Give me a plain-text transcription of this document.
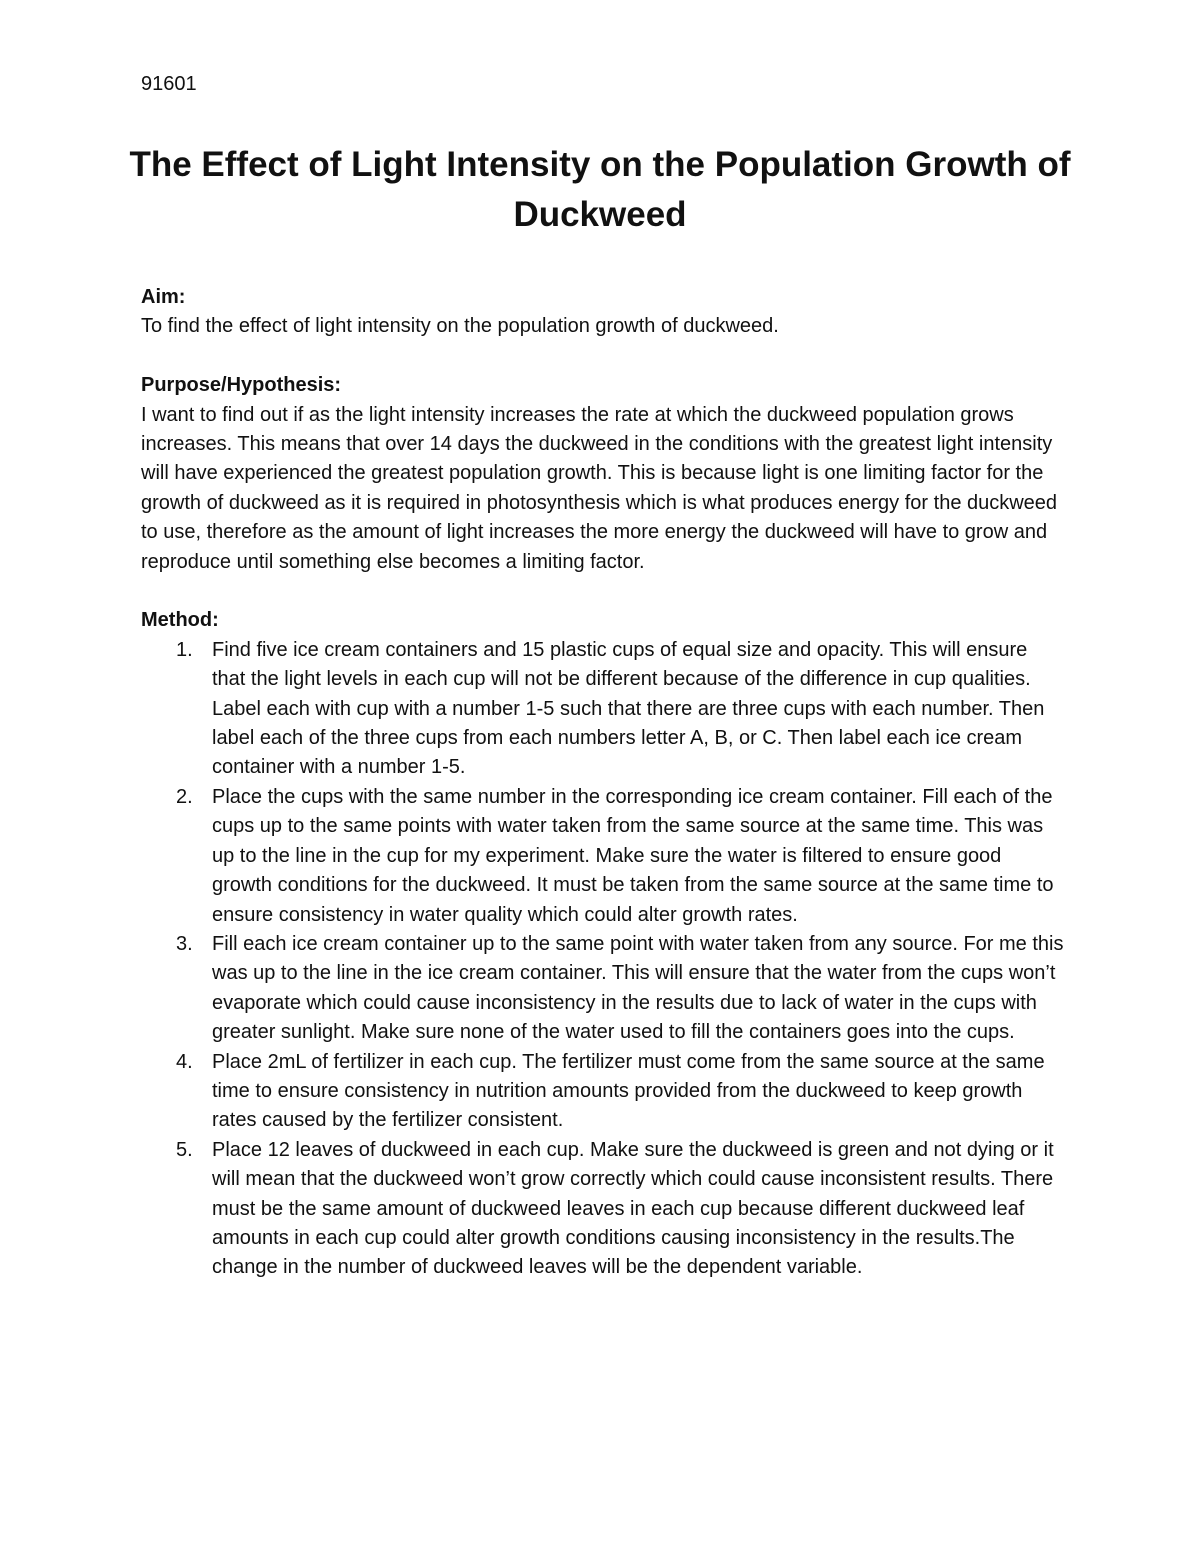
91601

The Effect of Light Intensity on the Population Growth of Duckweed
Aim:

To find the effect of light intensity on the population growth of duckweed.

Purpose/Hypothesis:

I want to find out if as the light intensity increases the rate at which the duckweed population grows increases. This means that over 14 days the duckweed in the conditions with the greatest light intensity will have experienced the greatest population growth. This is because light is one limiting factor for the growth of duckweed as it is required in photosynthesis which is what produces energy for the duckweed to use, therefore as the amount of light increases the more energy the duckweed will have to grow and reproduce until something else becomes a limiting factor.

Method:
1. Find five ice cream containers and 15 plastic cups of equal size and opacity. This will ensure that the light levels in each cup will not be different because of the difference in cup qualities. Label each with cup with a number 1-5 such that there are three cups with each number. Then label each of the three cups from each numbers letter A, B, or C. Then label each ice cream container with a number 1-5.
2. Place the cups with the same number in the corresponding ice cream container. Fill each of the cups up to the same points with water taken from the same source at the same time. This was up to the line in the cup for my experiment. Make sure the water is filtered to ensure good growth conditions for the duckweed. It must be taken from the same source at the same time to ensure consistency in water quality which could alter growth rates.
3. Fill each ice cream container up to the same point with water taken from any source. For me this was up to the line in the ice cream container. This will ensure that the water from the cups won’t evaporate which could cause inconsistency in the results due to lack of water in the cups with greater sunlight. Make sure none of the water used to fill the containers goes into the cups.
4. Place 2mL of fertilizer in each cup. The fertilizer must come from the same source at the same time to ensure consistency in nutrition amounts provided from the duckweed to keep growth rates caused by the fertilizer consistent.
5. Place 12 leaves of duckweed in each cup. Make sure the duckweed is green and not dying or it will mean that the duckweed won’t grow correctly which could cause inconsistent results. There must be the same amount of duckweed leaves in each cup because different duckweed leaf amounts in each cup could alter growth conditions causing inconsistency in the results.The change in the number of duckweed leaves will be the dependent variable.
